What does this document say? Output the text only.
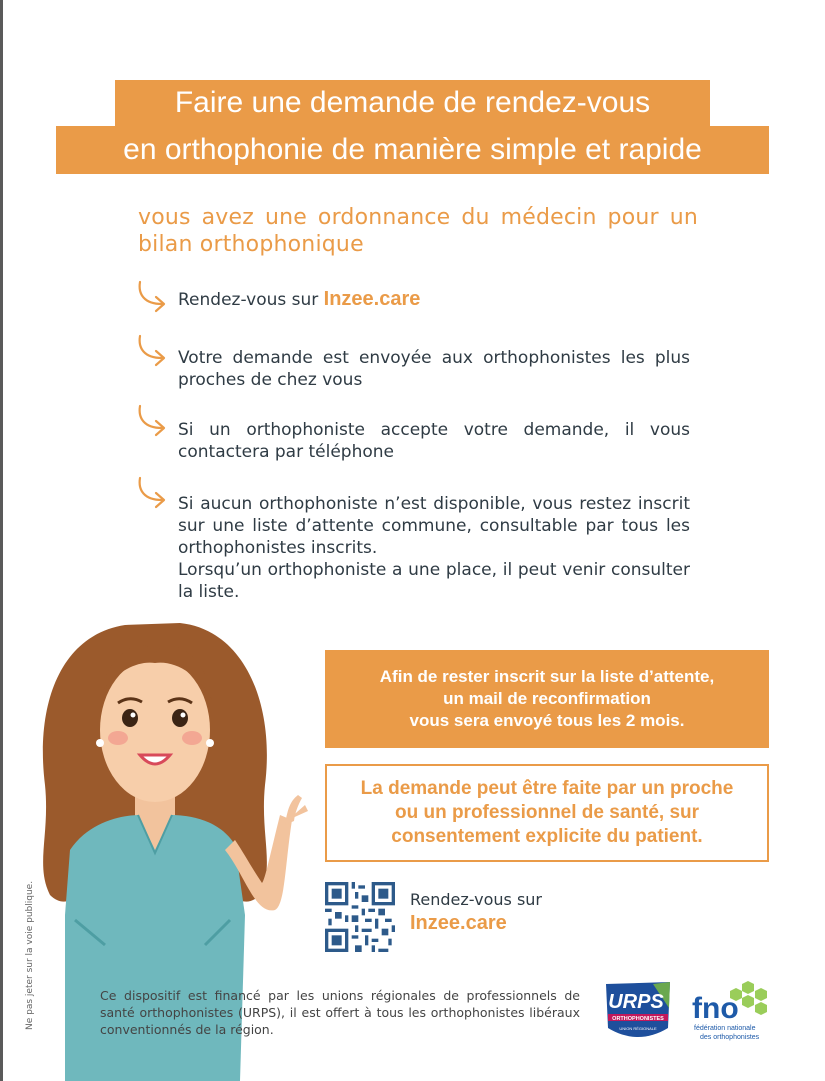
Faire une demande de rendez-vous
en orthophonie de manière simple et rapide
vous avez une ordonnance du médecin pour un bilan orthophonique
Rendez-vous sur Inzee.care
Votre demande est envoyée aux orthophonistes les plus proches de chez vous
Si un orthophoniste accepte votre demande, il vous contactera par téléphone
Si aucun orthophoniste n’est disponible, vous restez inscrit sur une liste d’attente commune, consultable par tous les orthophonistes inscrits.
Lorsqu’un orthophoniste a une place, il peut venir consulter la liste.
Afin de rester inscrit sur la liste d’attente,
un mail de reconfirmation
vous sera envoyé tous les 2 mois.
La demande peut être faite par un proche
ou un professionnel de santé, sur
consentement explicite du patient.
Rendez-vous sur
Inzee.care
Ce dispositif est financé par les unions régionales de professionnels de santé orthophonistes (URPS), il est offert à tous les orthophonistes libéraux conventionnés de la région.
Ne pas jeter sur la voie publique.	URPS
ORTHOPHONISTES
UNION RÉGIONALE
fno
fédération nationale
des orthophonistes
